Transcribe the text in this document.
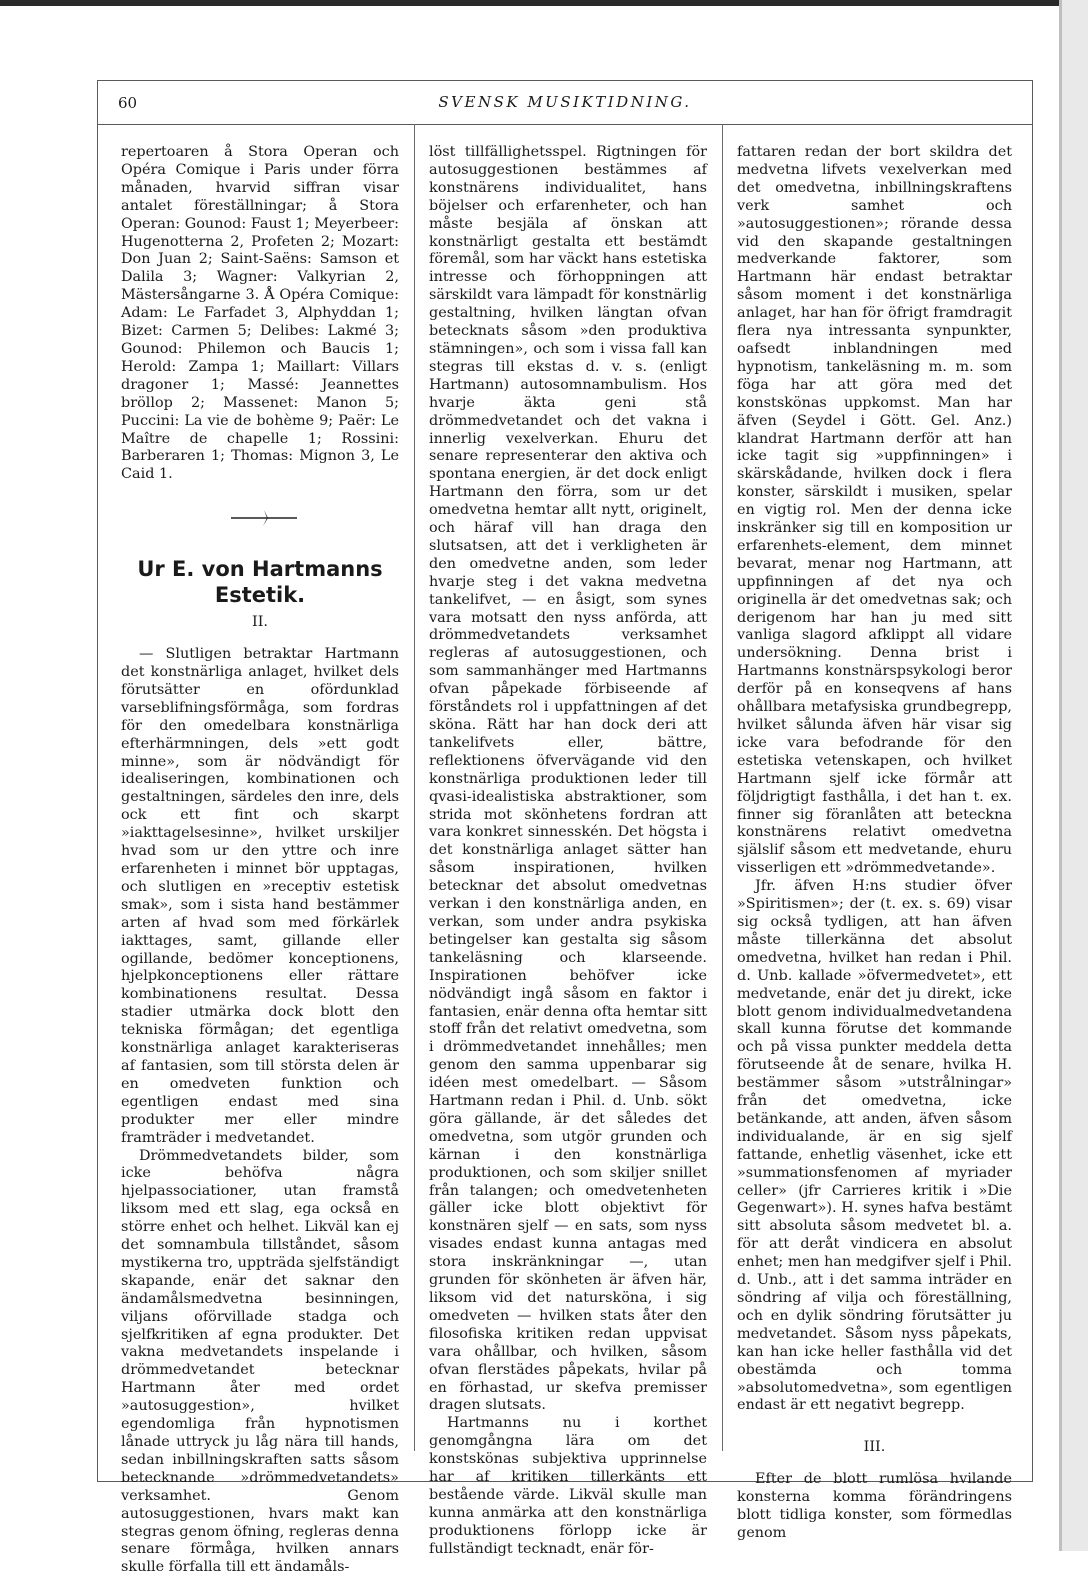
60	SVENSK MUSIKTIDNING.

repertoaren å Stora Operan och Opéra Comique i Paris under förra månaden, hvarvid siffran visar antalet föreställningar; å Stora Operan: Gounod: Faust 1; Meyerbeer: Hugenotterna 2, Profeten 2; Mozart: Don Juan 2; Saint-Saëns: Samson et Dalila 3; Wagner: Valkyrian 2, Mästersångarne 3. Å Opéra Comique: Adam: Le Farfadet 3, Alphyddan 1; Bizet: Carmen 5; Delibes: Lakmé 3; Gounod: Philemon och Baucis 1; Herold: Zampa 1; Maillart: Villars dragoner 1; Massé: Jeannettes bröllop 2; Massenet: Manon 5; Puccini: La vie de bohème 9; Paër: Le Maître de chapelle 1; Rossini: Barberaren 1; Thomas: Mignon 3, Le Caid 1.

Ur E. von Hartmanns Estetik.
II.

— Slutligen betraktar Hartmann det konstnärliga anlaget, hvilket dels förutsätter en ofördunklad varseblifningsförmåga, som fordras för den omedelbara konstnärliga efterhärmningen, dels »ett godt minne», som är nödvändigt för idealiseringen, kombinationen och gestaltningen, särdeles den inre, dels ock ett fint och skarpt »iakttagelsesinne», hvilket urskiljer hvad som ur den yttre och inre erfarenheten i minnet bör upptagas, och slutligen en »receptiv estetisk smak», som i sista hand bestämmer arten af hvad som med förkärlek iakttages, samt, gillande eller ogillande, bedömer konceptionens, hjelpkonceptionens eller rättare kombinationens resultat. Dessa stadier utmärka dock blott den tekniska förmågan; det egentliga konstnärliga anlaget karakteriseras af fantasien, som till största delen är en omedveten funktion och egentligen endast med sina produkter mer eller mindre framträder i medvetandet.

Drömmedvetandets bilder, som icke behöfva några hjelpassociationer, utan framstå liksom med ett slag, ega också en större enhet och helhet. Likväl kan ej det somnambula tillståndet, såsom mystikerna tro, uppträda sjelfständigt skapande, enär det saknar den ändamålsmedvetna besinningen, viljans oförvillade stadga och sjelfkritiken af egna produkter. Det vakna medvetandets inspelande i drömmedvetandet betecknar Hartmann åter med ordet »autosuggestion», hvilket egendomliga från hypnotismen lånade uttryck ju låg nära till hands, sedan inbillningskraften satts såsom betecknande »drömmedvetandets» verksamhet. Genom autosuggestionen, hvars makt kan stegras genom öfning, regleras denna senare förmåga, hvilken annars skulle förfalla till ett ändamåls-

löst tillfällighetsspel. Rigtningen för autosuggestionen bestämmes af konstnärens individualitet, hans böjelser och erfarenheter, och han måste besjäla af önskan att konstnärligt gestalta ett bestämdt föremål, som har väckt hans estetiska intresse och förhoppningen att särskildt vara lämpadt för konstnärlig gestaltning, hvilken längtan ofvan betecknats såsom »den produktiva stämningen», och som i vissa fall kan stegras till ekstas d. v. s. (enligt Hartmann) autosomnambulism. Hos hvarje äkta geni stå drömmedvetandet och det vakna i innerlig vexelverkan. Ehuru det senare representerar den aktiva och spontana energien, är det dock enligt Hartmann den förra, som ur det omedvetna hemtar allt nytt, originelt, och häraf vill han draga den slutsatsen, att det i verkligheten är den omedvetne anden, som leder hvarje steg i det vakna medvetna tankelifvet, — en åsigt, som synes vara motsatt den nyss anförda, att drömmedvetandets verksamhet regleras af autosuggestionen, och som sammanhänger med Hartmanns ofvan påpekade förbiseende af förståndets rol i uppfattningen af det sköna. Rätt har han dock deri att tankelifvets eller, bättre, reflektionens öfvervägande vid den konstnärliga produktionen leder till qvasi-idealistiska abstraktioner, som strida mot skönhetens fordran att vara konkret sinnesskén. Det högsta i det konstnärliga anlaget sätter han såsom inspirationen, hvilken betecknar det absolut omedvetnas verkan i den konstnärliga anden, en verkan, som under andra psykiska betingelser kan gestalta sig såsom tankeläsning och klarseende. Inspirationen behöfver icke nödvändigt ingå såsom en faktor i fantasien, enär denna ofta hemtar sitt stoff från det relativt omedvetna, som i drömmedvetandet innehålles; men genom den samma uppenbarar sig idéen mest omedelbart. — Såsom Hartmann redan i Phil. d. Unb. sökt göra gällande, är det således det omedvetna, som utgör grunden och kärnan i den konstnärliga produktionen, och som skiljer snillet från talangen; och omedvetenheten gäller icke blott objektivt för konstnären sjelf — en sats, som nyss visades endast kunna antagas med stora inskränkningar —, utan grunden för skönheten är äfven här, liksom vid det natursköna, i sig omedveten — hvilken stats åter den filosofiska kritiken redan uppvisat vara ohållbar, och hvilken, såsom ofvan flerstädes påpekats, hvilar på en förhastad, ur skefva premisser dragen slutsats.

Hartmanns nu i korthet genomgångna lära om det konstskönas subjektiva upprinnelse har af kritiken tillerkänts ett bestående värde. Likväl skulle man kunna anmärka att den konstnärliga produktionens förlopp icke är fullständigt tecknadt, enär för-

fattaren redan der bort skildra det medvetna lifvets vexelverkan med det omedvetna, inbillningskraftens verk samhet och »autosuggestionen»; rörande dessa vid den skapande gestaltningen medverkande faktorer, som Hartmann här endast betraktar såsom moment i det konstnärliga anlaget, har han för öfrigt framdragit flera nya intressanta synpunkter, oafsedt inblandningen med hypnotism, tankeläsning m. m. som föga har att göra med det konstskönas uppkomst. Man har äfven (Seydel i Gött. Gel. Anz.) klandrat Hartmann derför att han icke tagit sig »uppfinningen» i skärskådande, hvilken dock i flera konster, särskildt i musiken, spelar en vigtig rol. Men der denna icke inskränker sig till en komposition ur erfarenhets-element, dem minnet bevarat, menar nog Hartmann, att uppfinningen af det nya och originella är det omedvetnas sak; och derigenom har han ju med sitt vanliga slagord afklippt all vidare undersökning. Denna brist i Hartmanns konstnärspsykologi beror derför på en konseqvens af hans ohållbara metafysiska grundbegrepp, hvilket sålunda äfven här visar sig icke vara befodrande för den estetiska vetenskapen, och hvilket Hartmann sjelf icke förmår att följdrigtigt fasthålla, i det han t. ex. finner sig föranlåten att beteckna konstnärens relativt omedvetna själslif såsom ett medvetande, ehuru visserligen ett »drömmedvetande».

Jfr. äfven H:ns studier öfver »Spiritismen»; der (t. ex. s. 69) visar sig också tydligen, att han äfven måste tillerkänna det absolut omedvetna, hvilket han redan i Phil. d. Unb. kallade »öfvermedvetet», ett medvetande, enär det ju direkt, icke blott genom individualmedvetandena skall kunna förutse det kommande och på vissa punkter meddela detta förutseende åt de senare, hvilka H. bestämmer såsom »utstrålningar» från det omedvetna, icke betänkande, att anden, äfven såsom individualande, är en sig sjelf fattande, enhetlig väsenhet, icke ett »summationsfenomen af myriader celler» (jfr Carrieres kritik i »Die Gegenwart»). H. synes hafva bestämt sitt absoluta såsom medvetet bl. a. för att deråt vindicera en absolut enhet; men han medgifver sjelf i Phil. d. Unb., att i det samma inträder en söndring af vilja och föreställning, och en dylik söndring förutsätter ju medvetandet. Såsom nyss påpekats, kan han icke heller fasthålla vid det obestämda och tomma »absolutomedvetna», som egentligen endast är ett negativt begrepp.

III.

Efter de blott rumlösa hvilande konsterna komma förändringens blott tidliga konster, som förmedlas genom
